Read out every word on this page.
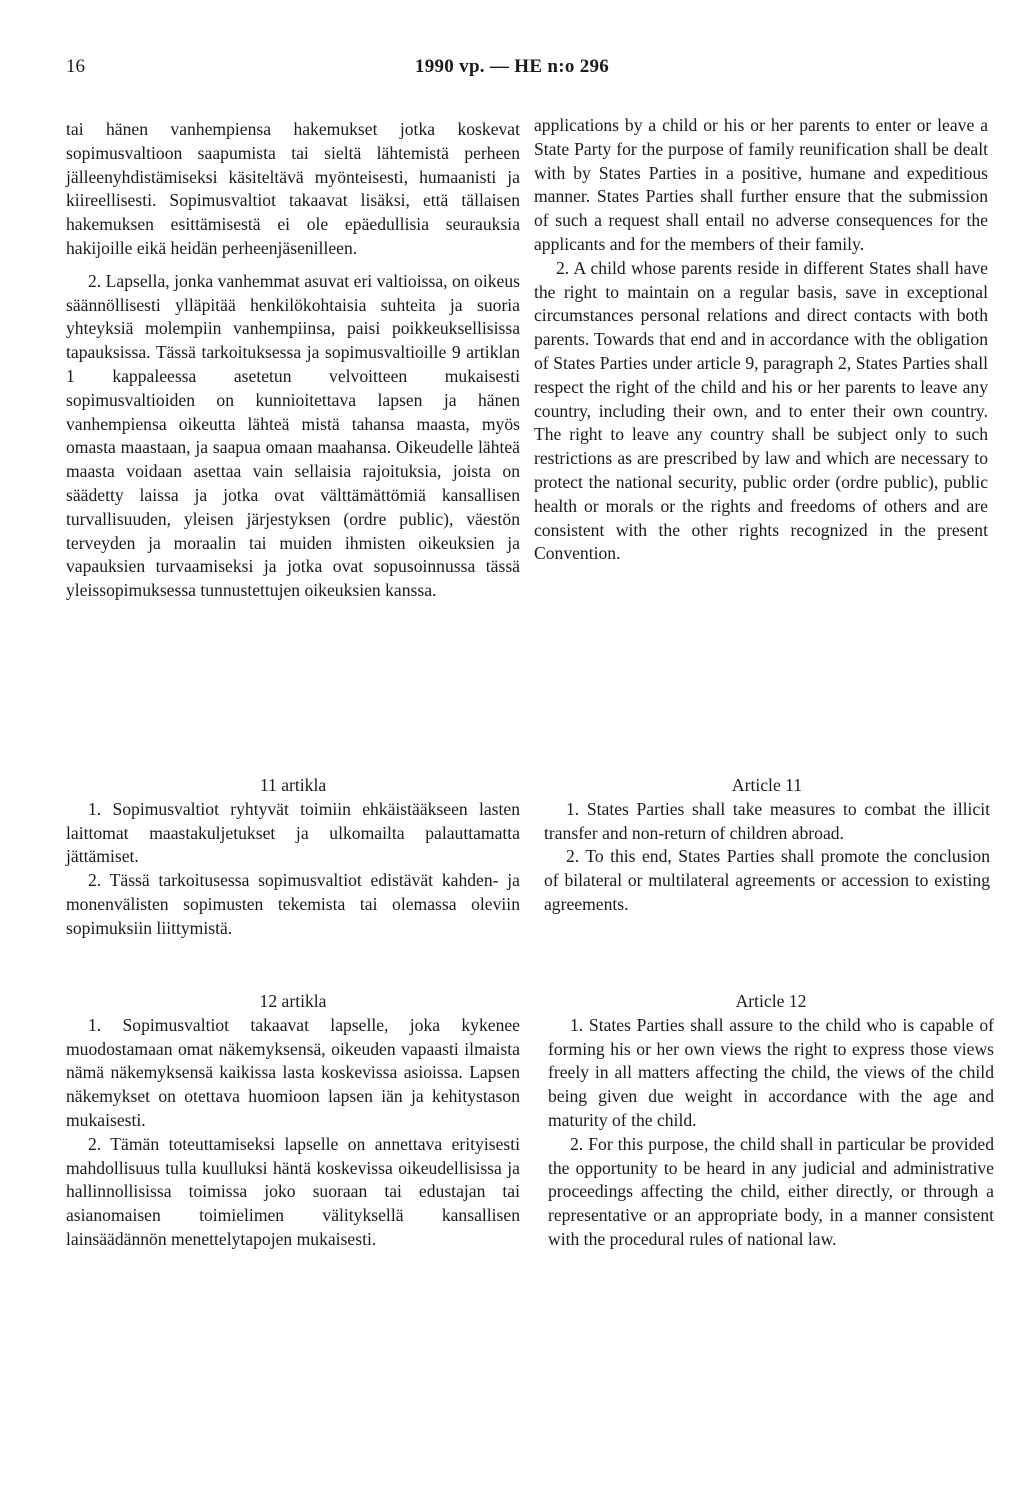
16	1990 vp. — HE n:o 296

tai hänen vanhempiensa hakemukset jotka koskevat sopimusvaltioon saapumista tai sieltä lähtemistä perheen jälleenyhdistämiseksi käsiteltävä myönteisesti, humaanisti ja kiireellisesti. Sopimusvaltiot takaavat lisäksi, että tällaisen hakemuksen esittämisestä ei ole epäedullisia seurauksia hakijoille eikä heidän perheenjäsenilleen.

2. Lapsella, jonka vanhemmat asuvat eri valtioissa, on oikeus säännöllisesti ylläpitää henkilökohtaisia suhteita ja suoria yhteyksiä molempiin vanhempiinsa, paisi poikkeuksellisissa tapauksissa. Tässä tarkoituksessa ja sopimusvaltioille 9 artiklan 1 kappaleessa asetetun velvoitteen mukaisesti sopimusvaltioiden on kunnioitettava lapsen ja hänen vanhempiensa oikeutta lähteä mistä tahansa maasta, myös omasta maastaan, ja saapua omaan maahansa. Oikeudelle lähteä maasta voidaan asettaa vain sellaisia rajoituksia, joista on säädetty laissa ja jotka ovat välttämättömiä kansallisen turvallisuuden, yleisen järjestyksen (ordre public), väestön terveyden ja moraalin tai muiden ihmisten oikeuksien ja vapauksien turvaamiseksi ja jotka ovat sopusoinnussa tässä yleissopimuksessa tunnustettujen oikeuksien kanssa.

applications by a child or his or her parents to enter or leave a State Party for the purpose of family reunification shall be dealt with by States Parties in a positive, humane and expeditious manner. States Parties shall further ensure that the submission of such a request shall entail no adverse consequences for the applicants and for the members of their family.

2. A child whose parents reside in different States shall have the right to maintain on a regular basis, save in exceptional circumstances personal relations and direct contacts with both parents. Towards that end and in accordance with the obligation of States Parties under article 9, paragraph 2, States Parties shall respect the right of the child and his or her parents to leave any country, including their own, and to enter their own country. The right to leave any country shall be subject only to such restrictions as are prescribed by law and which are necessary to protect the national security, public order (ordre public), public health or morals or the rights and freedoms of others and are consistent with the other rights recognized in the present Convention.

11 artikla

1. Sopimusvaltiot ryhtyvät toimiin ehkäistääkseen lasten laittomat maastakuljetukset ja ulkomailta palauttamatta jättämiset.

2. Tässä tarkoitusessa sopimusvaltiot edistävät kahden- ja monenvälisten sopimusten tekemista tai olemassa oleviin sopimuksiin liittymistä.

Article 11

1. States Parties shall take measures to combat the illicit transfer and non-return of children abroad.

2. To this end, States Parties shall promote the conclusion of bilateral or multilateral agreements or accession to existing agreements.

12 artikla

1. Sopimusvaltiot takaavat lapselle, joka kykenee muodostamaan omat näkemyksensä, oikeuden vapaasti ilmaista nämä näkemyksensä kaikissa lasta koskevissa asioissa. Lapsen näkemykset on otettava huomioon lapsen iän ja kehitystason mukaisesti.

2. Tämän toteuttamiseksi lapselle on annettava erityisesti mahdollisuus tulla kuulluksi häntä koskevissa oikeudellisissa ja hallinnollisissa toimissa joko suoraan tai edustajan tai asianomaisen toimielimen välityksellä kansallisen lainsäädännön menettelytapojen mukaisesti.

Article 12

1. States Parties shall assure to the child who is capable of forming his or her own views the right to express those views freely in all matters affecting the child, the views of the child being given due weight in accordance with the age and maturity of the child.

2. For this purpose, the child shall in particular be provided the opportunity to be heard in any judicial and administrative proceedings affecting the child, either directly, or through a representative or an appropriate body, in a manner consistent with the procedural rules of national law.
